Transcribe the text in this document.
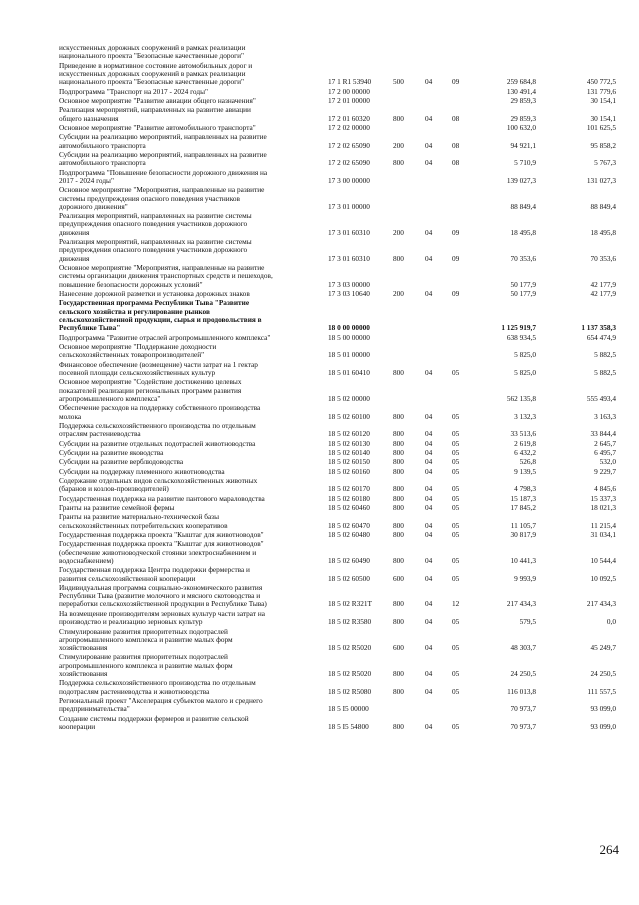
искусственных дорожных сооружений в рамках реализации
национального проекта "Безопасные качественные дороги"
Приведение в нормативное состояние автомобильных дорог и
искусственных дорожных сооружений в рамках реализации
национального проекта "Безопасные качественные дороги"	17 1 R1 53940	500	04	09	259 684,8	450 772,5
Подпрограмма "Транспорт на 2017 - 2024 годы"	17 2 00 00000	130 491,4	131 779,6
Основное мероприятие "Развитие авиации общего назначения"	17 2 01 00000	29 859,3	30 154,1
Реализация мероприятий, направленных на развитие авиации
общего назначения	17 2 01 60320	800	04	08	29 859,3	30 154,1
Основное мероприятие "Развитие автомобильного транспорта"	17 2 02 00000	100 632,0	101 625,5
Субсидии на реализацию мероприятий, направленных на развитие
автомобильного транспорта	17 2 02 65090	200	04	08	94 921,1	95 858,2
Субсидии на реализацию мероприятий, направленных на развитие
автомобильного транспорта	17 2 02 65090	800	04	08	5 710,9	5 767,3
Подпрограмма "Повышение безопасности дорожного движения на
2017 - 2024 годы"	17 3 00 00000	139 027,3	131 027,3
Основное мероприятие "Мероприятия, направленные на развитие
системы предупреждения опасного поведения участников
дорожного движения"	17 3 01 00000	88 849,4	88 849,4
Реализация мероприятий, направленных на развитие системы
предупреждения опасного поведения участников дорожного
движения	17 3 01 60310	200	04	09	18 495,8	18 495,8
Реализация мероприятий, направленных на развитие системы
предупреждения опасного поведения участников дорожного
движения	17 3 01 60310	800	04	09	70 353,6	70 353,6
Основное мероприятие "Мероприятия, направленные на развитие
системы организации движения транспортных средств и пешеходов,
повышение безопасности дорожных условий"	17 3 03 00000	50 177,9	42 177,9
Нанесение дорожной разметки и установка дорожных знаков	17 3 03 10640	200	04	09	50 177,9	42 177,9
Государственная программа Республики Тыва "Развитие
сельского хозяйства и регулирование рынков
сельскохозяйственной продукции, сырья и продовольствия в
Республике Тыва"	18 0 00 00000	1 125 919,7	1 137 358,3
Подпрограмма "Развитие отраслей агропромышленного комплекса"	18 5 00 00000	638 934,5	654 474,9
Основное мероприятие "Поддержание доходности
сельскохозяйственных товаропроизводителей"	18 5 01 00000	5 825,0	5 882,5
Финансовое обеспечение (возмещение) части затрат на 1 гектар
посевной площади сельскохозяйственных культур	18 5 01 60410	800	04	05	5 825,0	5 882,5
Основное мероприятие "Содействие достижению целевых
показателей реализации региональных программ развития
агропромышленного комплекса"	18 5 02 00000	562 135,8	555 493,4
Обеспечение расходов на поддержку собственного производства
молока	18 5 02 60100	800	04	05	3 132,3	3 163,3
Поддержка сельскохозяйственного производства по отдельным
отраслям растениеводства	18 5 02 60120	800	04	05	33 513,6	33 844,4
Субсидии на развитие отдельных подотраслей животноводства	18 5 02 60130	800	04	05	2 619,8	2 645,7
Субсидии на развитие яководства	18 5 02 60140	800	04	05	6 432,2	6 495,7
Субсидии на развитие верблюдоводства	18 5 02 60150	800	04	05	526,8	532,0
Субсидии на поддержку племенного животноводства	18 5 02 60160	800	04	05	9 139,5	9 229,7
Содержание отдельных видов сельскохозяйственных животных
(баранов и козлов-производителей)	18 5 02 60170	800	04	05	4 798,3	4 845,6
Государственная поддержка на развитие пантового мараловодства	18 5 02 60180	800	04	05	15 187,3	15 337,3
Гранты на развитие семейной фермы	18 5 02 60460	800	04	05	17 845,2	18 021,3
Гранты на развитие материально-технической базы
сельскохозяйственных потребительских кооперативов	18 5 02 60470	800	04	05	11 105,7	11 215,4
Государственная поддержка проекта "Кыштаг для животноводов"	18 5 02 60480	800	04	05	30 817,9	31 034,1
Государственная поддержка проекта "Кыштаг для животноводов"
(обеспечение животноводческой стоянки электроснабжением и
водоснабжением)	18 5 02 60490	800	04	05	10 441,3	10 544,4
Государственная поддержка Центра поддержки фермерства и
развития сельскохозяйственной кооперации	18 5 02 60500	600	04	05	9 993,9	10 092,5
Индивидуальная программа социально-экономического развития
Республики Тыва (развитие молочного и мясного скотоводства и
переработки сельскохозяйственной продукции в Республике Тыва)	18 5 02 R321T	800	04	12	217 434,3	217 434,3
На возмещение производителям зерновых культур части затрат на
производство и реализацию зерновых культур	18 5 02 R3580	800	04	05	579,5	0,0
Стимулирование развития приоритетных подотраслей
агропромышленного комплекса и развитие малых форм
хозяйствования	18 5 02 R5020	600	04	05	48 303,7	45 249,7
Стимулирование развития приоритетных подотраслей
агропромышленного комплекса и развитие малых форм
хозяйствования	18 5 02 R5020	800	04	05	24 250,5	24 250,5
Поддержка сельскохозяйственного производства по отдельным
подотраслям растениеводства и животноводства	18 5 02 R5080	800	04	05	116 013,8	111 557,5
Региональный проект "Акселерация субъектов малого и среднего
предпринимательства"	18 5 I5 00000	70 973,7	93 099,0
Создание системы поддержки фермеров и развитие сельской
кооперации	18 5 I5 54800	800	04	05	70 973,7	93 099,0
264
